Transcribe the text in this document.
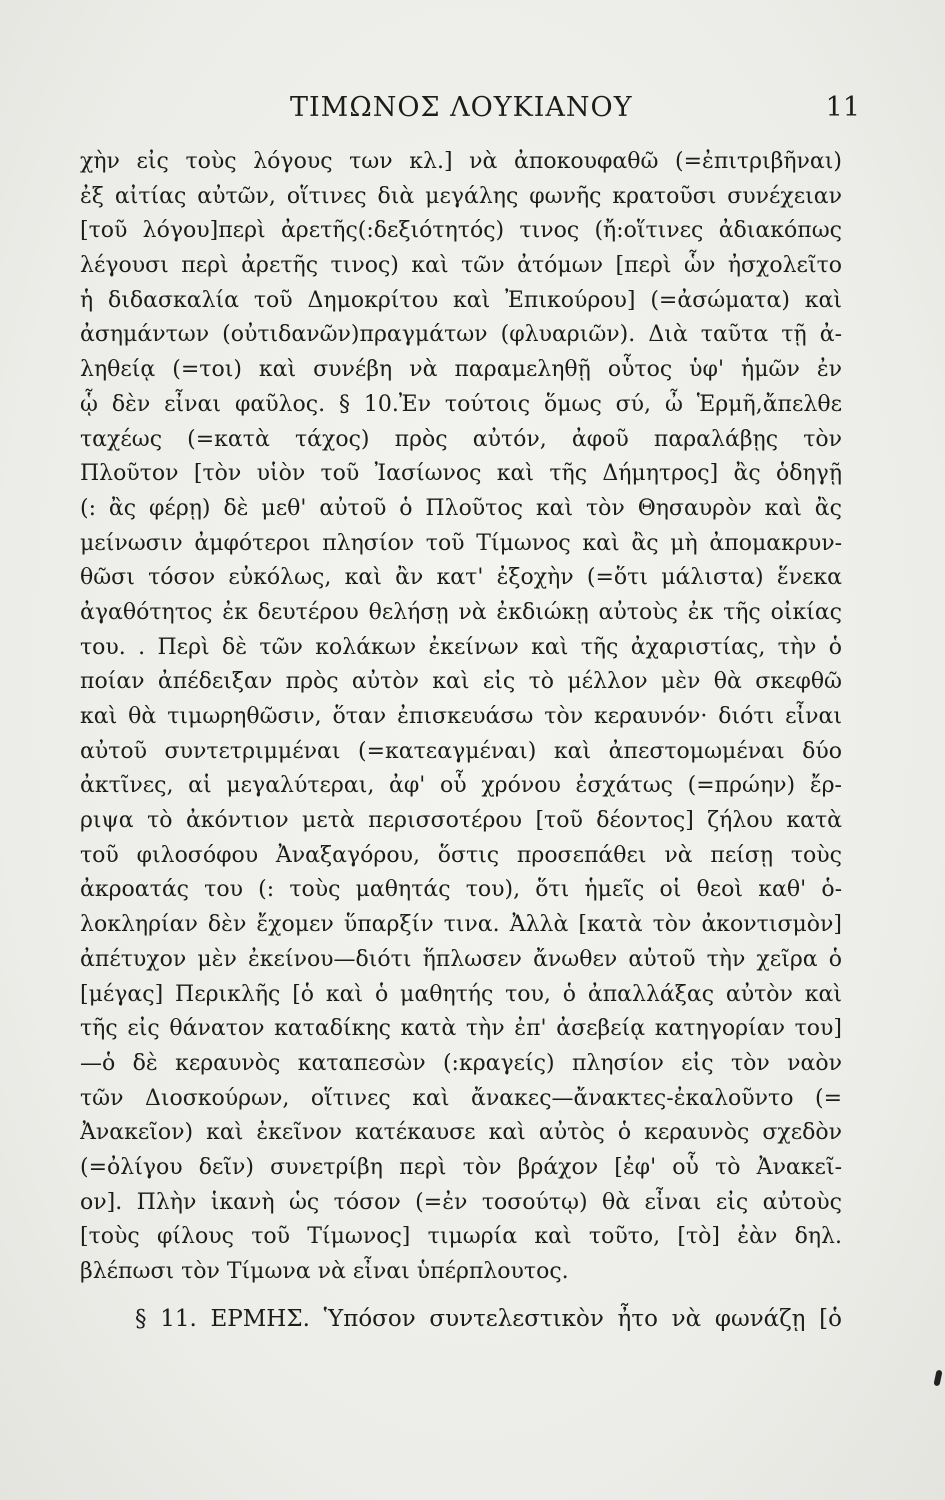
ΤΙΜΩΝΟΣ ΛΟΥΚΙΑΝΟΥ	11
χὴν εἰς τοὺς λόγους των κλ.] νὰ ἀποκουφαθῶ (=ἐπιτριβῆναι)
ἐξ αἰτίας αὐτῶν, οἵτινες διὰ μεγάλης φωνῆς κρατοῦσι συνέχειαν
[τοῦ λόγου]περὶ ἀρετῆς(:δεξιότητός) τινος (ἤ:οἵτινες ἀδιακόπως
λέγουσι περὶ ἀρετῆς τινος) καὶ τῶν ἀτόμων [περὶ ὧν ἠσχολεῖτο
ἡ διδασκαλία τοῦ Δημοκρίτου καὶ Ἐπικούρου] (=ἀσώματα) καὶ
ἀσημάντων (οὐτιδανῶν)πραγμάτων (φλυαριῶν). Διὰ ταῦτα τῇ ἀ-
ληθείᾳ (=τοι) καὶ συνέβη νὰ παραμεληθῇ οὗτος ὑφ' ἡμῶν ἐν
ᾧ δὲν εἶναι φαῦλος. § 10.Ἐν τούτοις ὅμως σύ, ὦ Ἑρμῆ,ἄπελθε
ταχέως (=κατὰ τάχος) πρὸς αὐτόν, ἀφοῦ παραλάβῃς τὸν
Πλοῦτον [τὸν υἱὸν τοῦ Ἰασίωνος καὶ τῆς Δήμητρος] ἂς ὁδηγῇ
(: ἂς φέρῃ) δὲ μεθ' αὐτοῦ ὁ Πλοῦτος καὶ τὸν Θησαυρὸν καὶ ἂς
μείνωσιν ἀμφότεροι πλησίον τοῦ Τίμωνος καὶ ἂς μὴ ἀπομακρυν-
θῶσι τόσον εὐκόλως, καὶ ἂν κατ' ἐξοχὴν (=ὅτι μάλιστα) ἕνεκα
ἀγαθότητος ἐκ δευτέρου θελήσῃ νὰ ἐκδιώκῃ αὐτοὺς ἐκ τῆς οἰκίας
του. . Περὶ δὲ τῶν κολάκων ἐκείνων καὶ τῆς ἀχαριστίας, τὴν ὁ
ποίαν ἀπέδειξαν πρὸς αὐτὸν καὶ εἰς τὸ μέλλον μὲν θὰ σκεφθῶ
καὶ θὰ τιμωρηθῶσιν, ὅταν ἐπισκευάσω τὸν κεραυνόν· διότι εἶναι
αὐτοῦ συντετριμμέναι (=κατεαγμέναι) καὶ ἀπεστομωμέναι δύο
ἀκτῖνες, αἱ μεγαλύτεραι, ἀφ' οὗ χρόνου ἐσχάτως (=πρώην) ἔρ-
ριψα τὸ ἀκόντιον μετὰ περισσοτέρου [τοῦ δέοντος] ζήλου κατὰ
τοῦ φιλοσόφου Ἀναξαγόρου, ὅστις προσεπάθει νὰ πείσῃ τοὺς
ἀκροατάς του (: τοὺς μαθητάς του), ὅτι ἡμεῖς οἱ θεοὶ καθ' ὁ-
λοκληρίαν δὲν ἔχομεν ὕπαρξίν τινα. Ἀλλὰ [κατὰ τὸν ἀκοντισμὸν]
ἀπέτυχον μὲν ἐκείνου—διότι ἥπλωσεν ἄνωθεν αὐτοῦ τὴν χεῖρα ὁ
[μέγας] Περικλῆς [ὁ καὶ ὁ μαθητής του, ὁ ἀπαλλάξας αὐτὸν καὶ
τῆς εἰς θάνατον καταδίκης κατὰ τὴν ἐπ' ἀσεβείᾳ κατηγορίαν του]
—ὁ δὲ κεραυνὸς καταπεσὼν (:κραγείς) πλησίον εἰς τὸν ναὸν
τῶν Διοσκούρων, οἵτινες καὶ ἄνακες—ἄνακτες-ἐκαλοῦντο (=
Ἀνακεῖον) καὶ ἐκεῖνον κατέκαυσε καὶ αὐτὸς ὁ κεραυνὸς σχεδὸν
(=ὀλίγου δεῖν) συνετρίβη περὶ τὸν βράχον [ἐφ' οὗ τὸ Ἀνακεῖ-
ον]. Πλὴν ἱκανὴ ὡς τόσον (=ἐν τοσούτῳ) θὰ εἶναι εἰς αὐτοὺς
[τοὺς φίλους τοῦ Τίμωνος] τιμωρία καὶ τοῦτο, [τὸ] ἐὰν δηλ.
βλέπωσι τὸν Τίμωνα νὰ εἶναι ὑπέρπλουτος.
§ 11. ΕΡΜΗΣ. Ὑπόσον συντελεστικὸν ἦτο νὰ φωνάζῃ [ὁ
